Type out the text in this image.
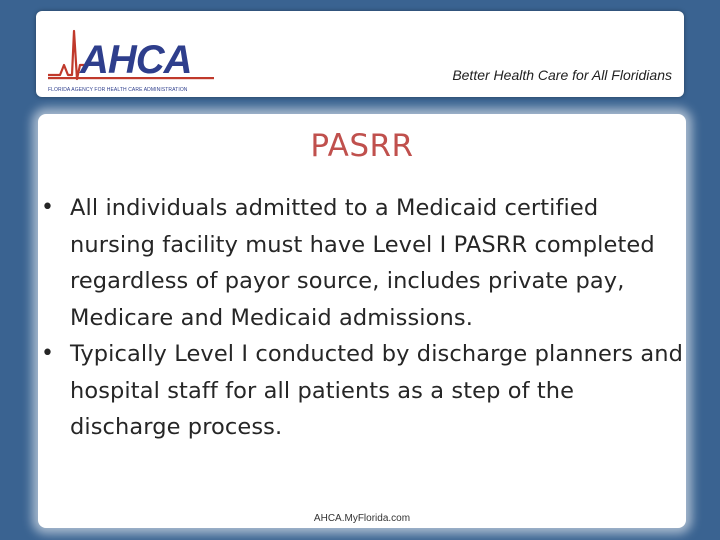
AHCA
FLORIDA AGENCY FOR HEALTH CARE ADMINISTRATION
Better Health Care for All Floridians
PASRR
• All individuals admitted to a Medicaid certified nursing facility must have Level I PASRR completed regardless of payor source, includes private pay, Medicare and Medicaid admissions.
• Typically Level I conducted by discharge planners and hospital staff for all patients as a step of the discharge process.
AHCA.MyFlorida.com
